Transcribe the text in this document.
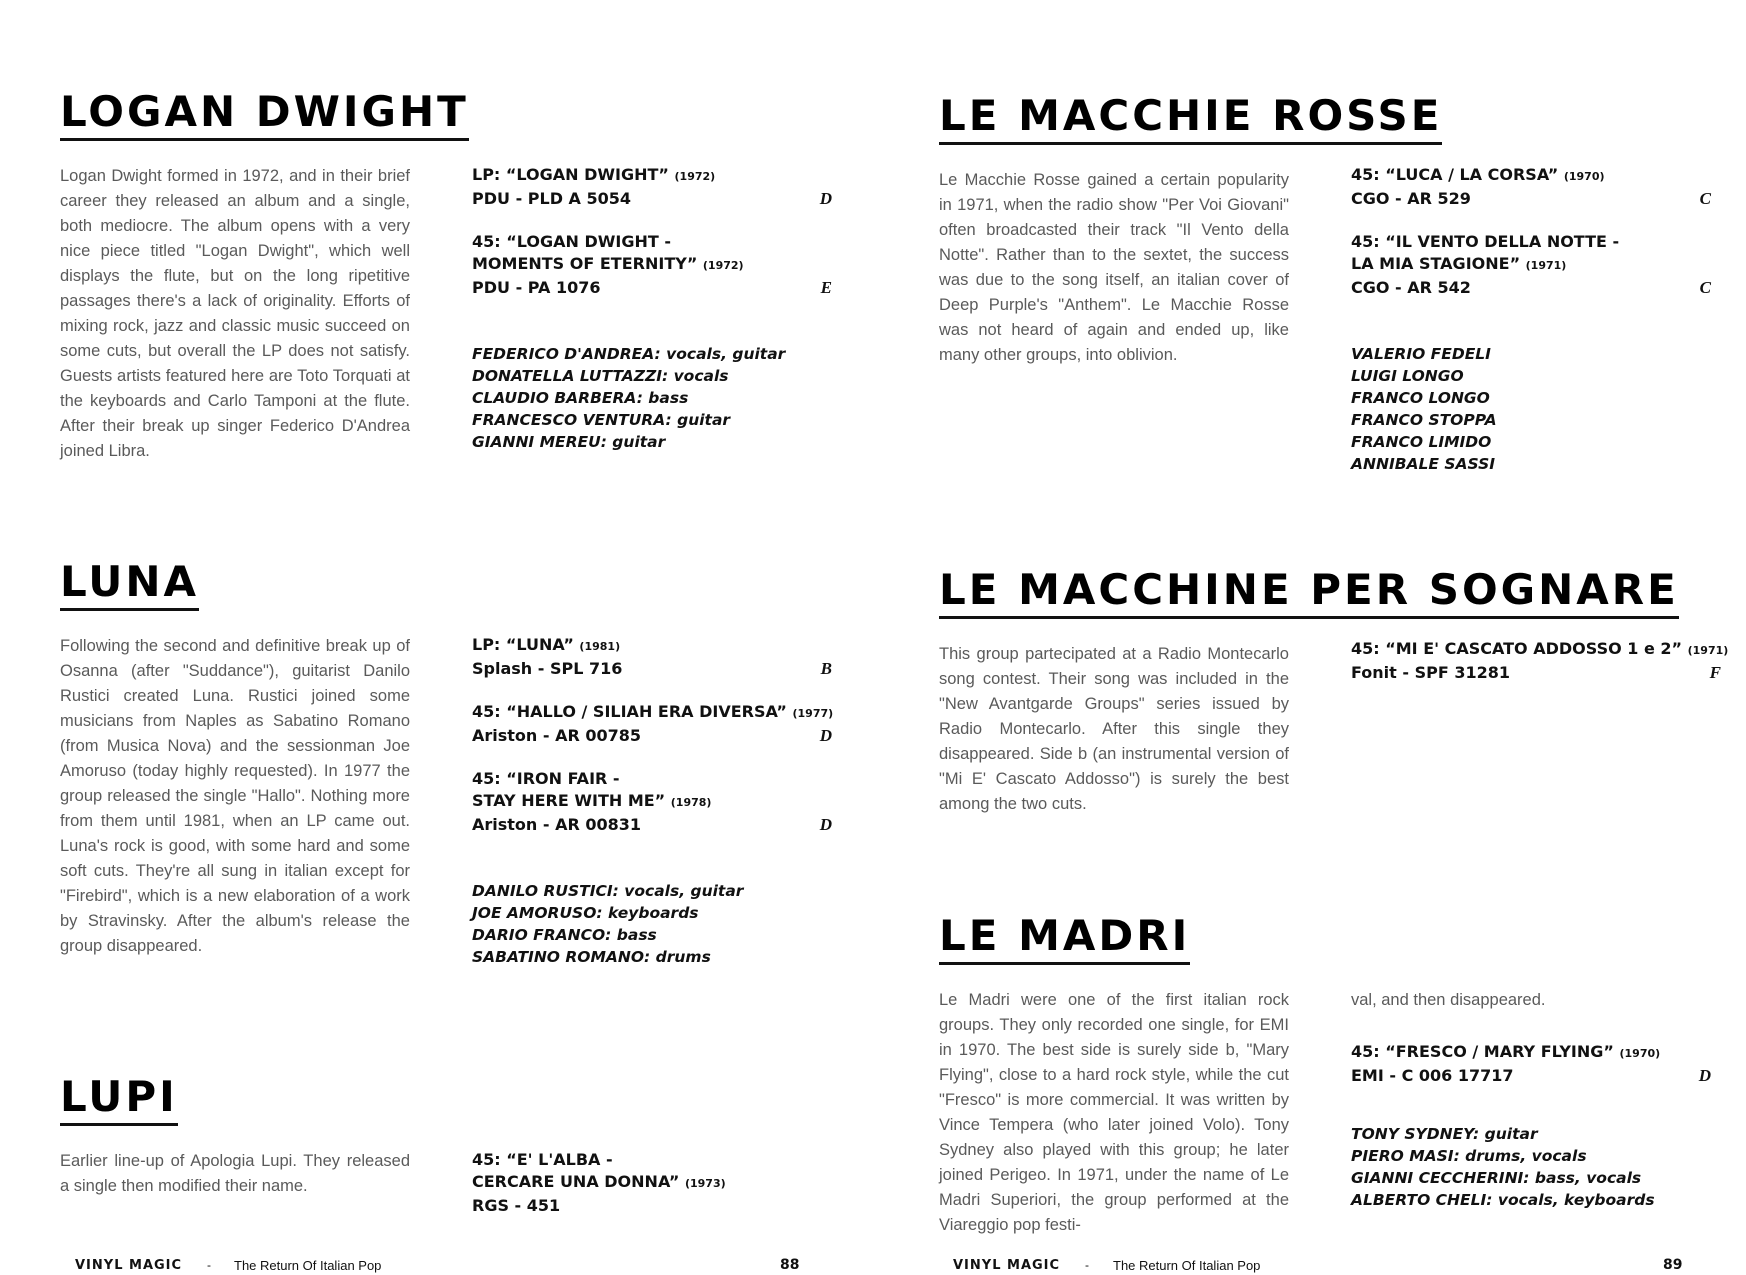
LOGAN DWIGHT

Logan Dwight formed in 1972, and in their brief career they released an album and a single, both mediocre. The album opens with a very nice piece titled "Logan Dwight", which well displays the flute, but on the long ripetitive passages there's a lack of originality. Efforts of mixing rock, jazz and classic music succeed on some cuts, but overall the LP does not satisfy. Guests artists featured here are Toto Torquati at the keyboards and Carlo Tamponi at the flute. After their break up singer Federico D'Andrea joined Libra.

LP: “LOGAN DWIGHT” (1972)
PDU - PLD A 5054	D
45: “LOGAN DWIGHT -
MOMENTS OF ETERNITY” (1972)
PDU - PA 1076	E
FEDERICO D'ANDREA: vocals, guitar
DONATELLA LUTTAZZI: vocals
CLAUDIO BARBERA: bass
FRANCESCO VENTURA: guitar
GIANNI MEREU: guitar
LUNA

Following the second and definitive break up of Osanna (after "Suddance"), guitarist Danilo Rustici created Luna. Rustici joined some musicians from Naples as Sabatino Romano (from Musica Nova) and the sessionman Joe Amoruso (today highly requested). In 1977 the group released the single "Hallo". Nothing more from them until 1981, when an LP came out. Luna's rock is good, with some hard and some soft cuts. They're all sung in italian except for "Firebird", which is a new elaboration of a work by Stravinsky. After the album's release the group disappeared.

LP: “LUNA” (1981)
Splash - SPL 716	B
45: “HALLO / SILIAH ERA DIVERSA” (1977)
Ariston - AR 00785	D
45: “IRON FAIR -
STAY HERE WITH ME” (1978)
Ariston - AR 00831	D
DANILO RUSTICI: vocals, guitar
JOE AMORUSO: keyboards
DARIO FRANCO: bass
SABATINO ROMANO: drums
LUPI

Earlier line-up of Apologia Lupi. They released a single then modified their name.

45: “E' L'ALBA -
CERCARE UNA DONNA” (1973)
RGS - 451
VINYL MAGIC - The Return Of Italian Pop	88
LE MACCHIE ROSSE

Le Macchie Rosse gained a certain popularity in 1971, when the radio show "Per Voi Giovani" often broadcasted their track "Il Vento della Notte". Rather than to the sextet, the success was due to the song itself, an italian cover of Deep Purple's "Anthem". Le Macchie Rosse was not heard of again and ended up, like many other groups, into oblivion.

45: “LUCA / LA CORSA” (1970)
CGO - AR 529	C
45: “IL VENTO DELLA NOTTE -
LA MIA STAGIONE” (1971)
CGO - AR 542	C
VALERIO FEDELI
LUIGI LONGO
FRANCO LONGO
FRANCO STOPPA
FRANCO LIMIDO
ANNIBALE SASSI
LE MACCHINE PER SOGNARE

This group partecipated at a Radio Montecarlo song contest. Their song was included in the "New Avantgarde Groups" series issued by Radio Montecarlo. After this single they disappeared. Side b (an instrumental version of "Mi E' Cascato Addosso") is surely the best among the two cuts.

45: “MI E' CASCATO ADDOSSO 1 e 2” (1971)
Fonit - SPF 31281	F
LE MADRI

Le Madri were one of the first italian rock groups. They only recorded one single, for EMI in 1970. The best side is surely side b, "Mary Flying", close to a hard rock style, while the cut "Fresco" is more commercial. It was written by Vince Tempera (who later joined Volo). Tony Sydney also played with this group; he later joined Perigeo. In 1971, under the name of Le Madri Superiori, the group performed at the Viareggio pop festi-

val, and then disappeared.

45: “FRESCO / MARY FLYING” (1970)
EMI - C 006 17717	D
TONY SYDNEY: guitar
PIERO MASI: drums, vocals
GIANNI CECCHERINI: bass, vocals
ALBERTO CHELI: vocals, keyboards
VINYL MAGIC - The Return Of Italian Pop	89
